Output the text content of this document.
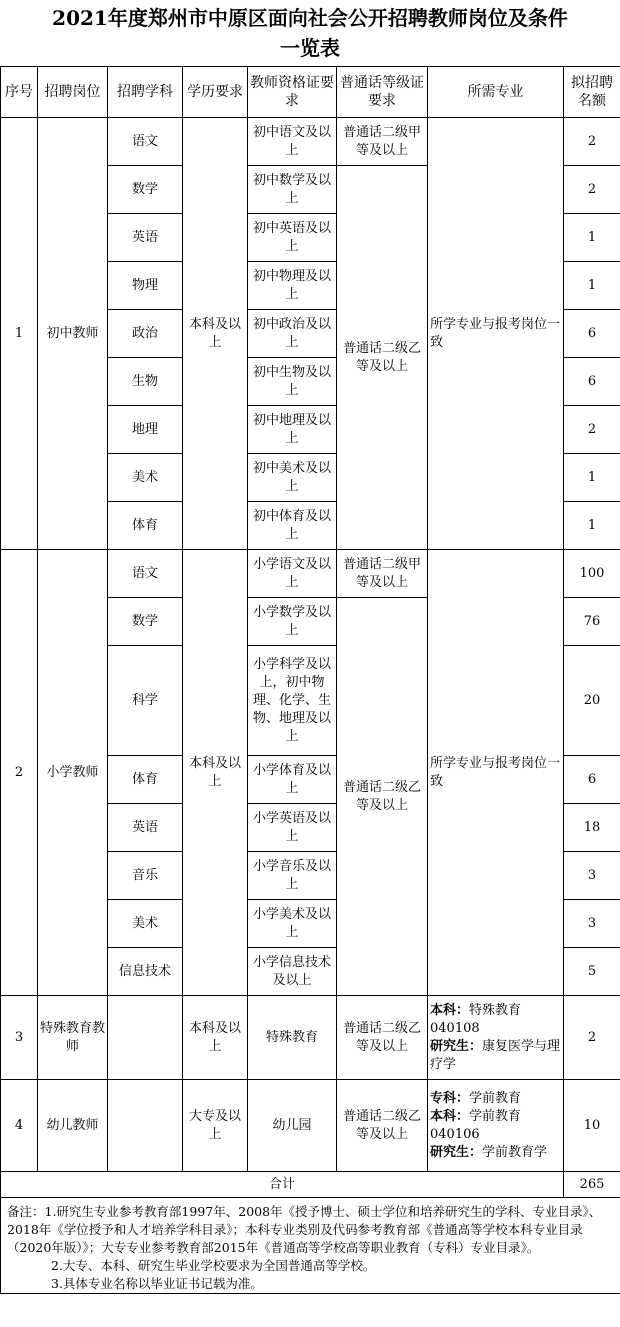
2021年度郑州市中原区面向社会公开招聘教师岗位及条件
一览表
序号	招聘岗位	招聘学科	学历要求	教师资格证要求	普通话等级证要求	所需专业	拟招聘名额
1	初中教师	语文	本科及以上	初中语文及以上	普通话二级甲等及以上	所学专业与报考岗位一致	2
		数学		初中数学及以上	普通话二级乙等及以上		2
		英语		初中英语及以上			1
		物理		初中物理及以上			1
		政治		初中政治及以上			6
		生物		初中生物及以上			6
		地理		初中地理及以上			2
		美术		初中美术及以上			1
		体育		初中体育及以上			1
2	小学教师	语文	本科及以上	小学语文及以上	普通话二级甲等及以上	所学专业与报考岗位一致	100
		数学		小学数学及以上	普通话二级乙等及以上		76
		科学		小学科学及以上，初中物理、化学、生物、地理及以上			20
		体育		小学体育及以上			6
		英语		小学英语及以上			18
		音乐		小学音乐及以上			3
		美术		小学美术及以上			3
		信息技术		小学信息技术及以上			5
3	特殊教育教师		本科及以上	特殊教育	普通话二级乙等及以上	本科：特殊教育040108
研究生：康复医学与理疗学	2
4	幼儿教师		大专及以上	幼儿园	普通话二级乙等及以上	专科：学前教育
本科：学前教育040106
研究生：学前教育学	10
合计							265

备注：1.研究生专业参考教育部1997年、2008年《授予博士、硕士学位和培养研究生的学科、专业目录》、2018年《学位授予和人才培养学科目录》；本科专业类别及代码参考教育部《普通高等学校本科专业目录（2020年版）》；大专专业参考教育部2015年《普通高等学校高等职业教育（专科）专业目录》。
2.大专、本科、研究生毕业学校要求为全国普通高等学校。
3.具体专业名称以毕业证书记载为准。							
